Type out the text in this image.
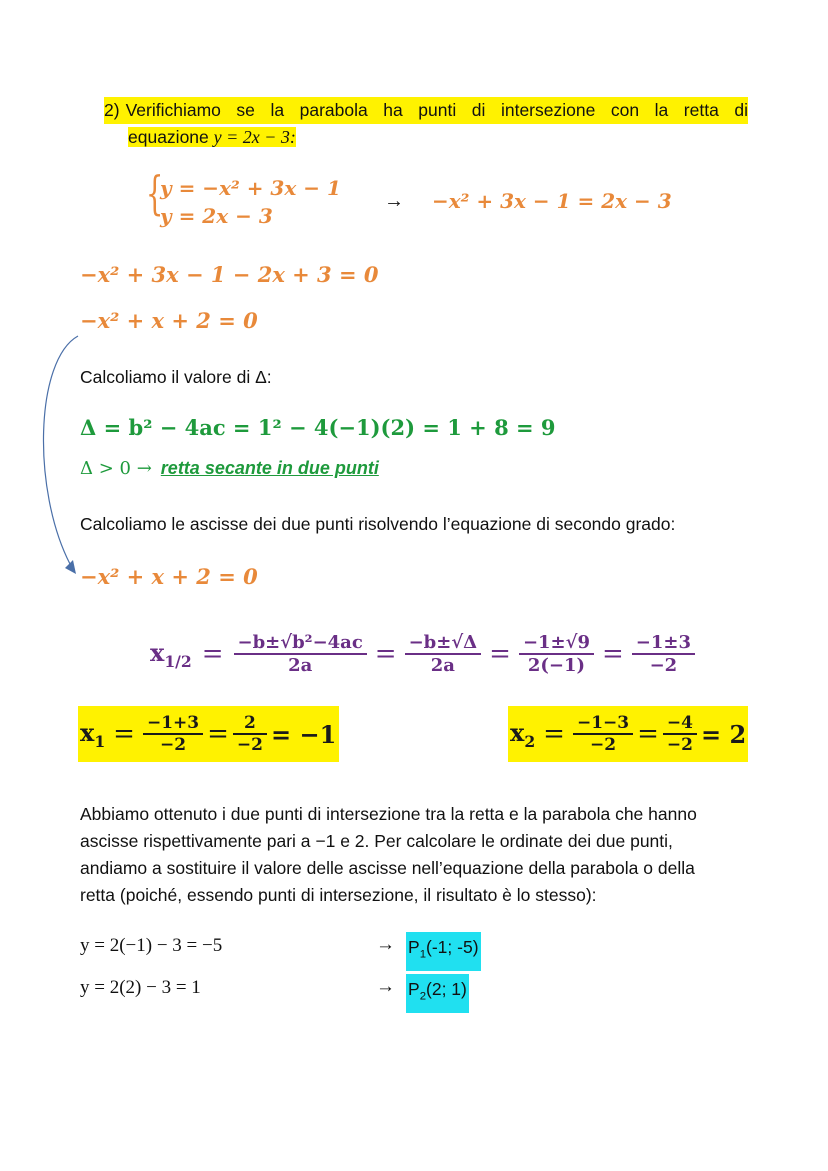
2) Verifichiamo se la parabola ha punti di intersezione con la retta di
equazione y = 2x − 3:
{
y = −x² + 3x − 1
y = 2x − 3
→ −x² + 3x − 1 = 2x − 3
−x² + 3x − 1 − 2x + 3 = 0
−x² + x + 2 = 0
Calcoliamo il valore di Δ:
Δ = b² − 4ac = 1² − 4(−1)(2) = 1 + 8 = 9
Δ > 0 → retta secante in due punti
Calcoliamo le ascisse dei due punti risolvendo l’equazione di secondo grado:
−x² + x + 2 = 0
$x_{1/2} = \frac{\text{−b±√b²−4ac}}{2a} = \frac{-b\pm√\Delta}{2a} = \frac{-1\pm√9}{2(-1)} = \frac{-1\pm 3}{-2}$
$x_1 = \frac{-1+3}{-2} = \frac{2}{-2} = -1$	$x_2 = \frac{-1-3}{-2} = \frac{-4}{-2} = 2$
Abbiamo ottenuto i due punti di intersezione tra la retta e la parabola che hanno
ascisse rispettivamente pari a −1 e 2. Per calcolare le ordinate dei due punti,
andiamo a sostituire il valore delle ascisse nell’equazione della parabola o della
retta (poiché, essendo punti di intersezione, il risultato è lo stesso):
y = 2(−1) − 3 = −5	→ $P_1(-1$; -5)
y = 2(2) − 3 = 1	→ $P_2(2$; 1)
